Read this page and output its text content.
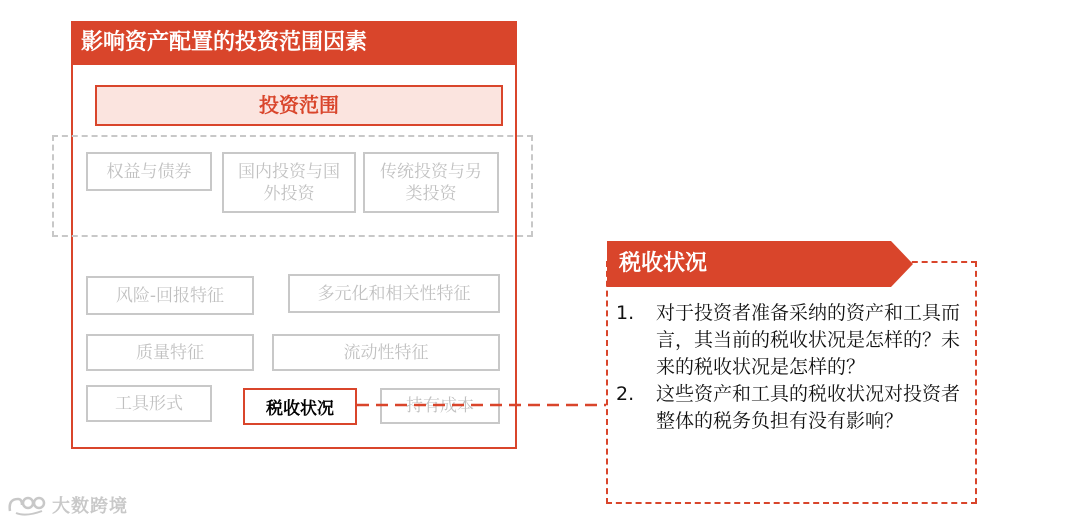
影响资产配置的投资范围因素
投资范围
权益与债券	国内投资与国外投资
传统投资与另类投资
风险-回报特征	多元化和相关性特征
质量特征	流动性特征
工具形式	持有成本
税收状况
税收状况
1.	对于投资者准备采纳的资产和工具而言，其当前的税收状况是怎样的？未来的税收状况是怎样的？
2.	这些资产和工具的税收状况对投资者整体的税务负担有没有影响？
大数跨境
